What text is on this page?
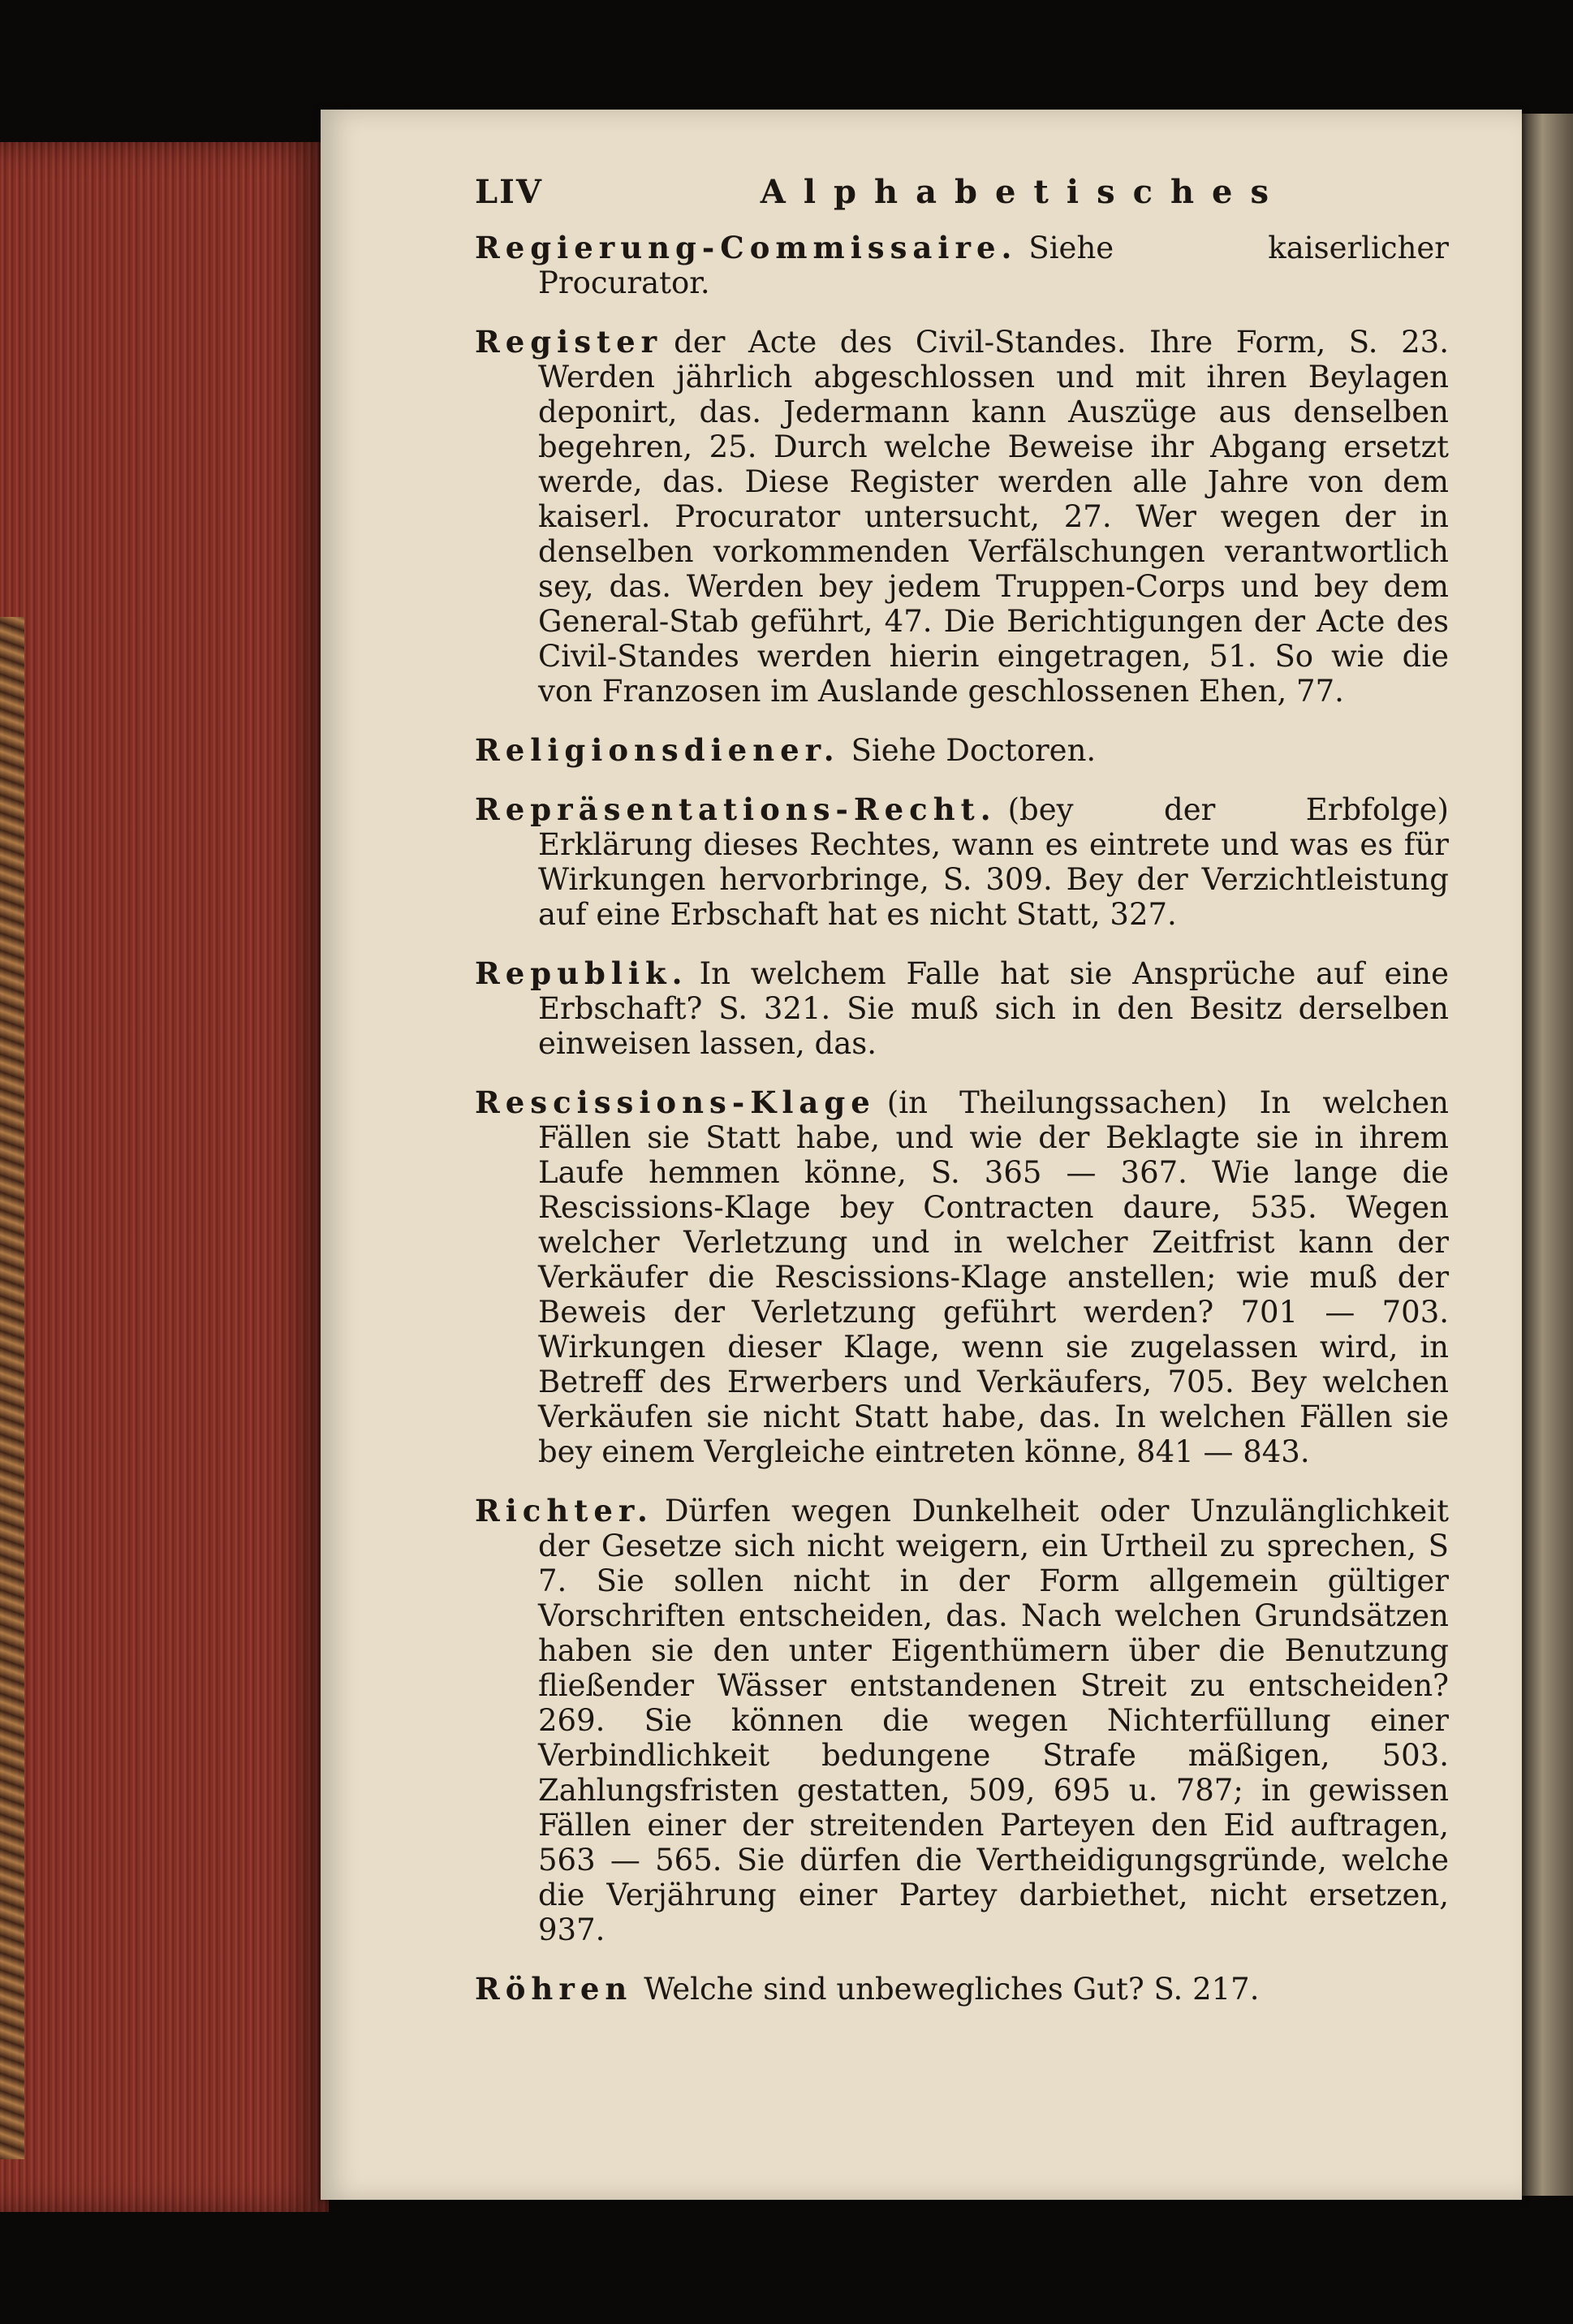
LIV	Alphabetisches

Regierung-Commissaire. Siehe kaiserlicher Procurator.

Register der Acte des Civil-Standes. Ihre Form, S. 23. Werden jährlich abgeschlossen und mit ihren Beylagen deponirt, das. Jedermann kann Auszüge aus denselben begehren, 25. Durch welche Beweise ihr Abgang ersetzt werde, das. Diese Register werden alle Jahre von dem kaiserl. Procurator untersucht, 27. Wer wegen der in denselben vorkommenden Verfälschungen verantwortlich sey, das. Werden bey jedem Truppen-Corps und bey dem General-Stab geführt, 47. Die Berichtigungen der Acte des Civil-Standes werden hierin eingetragen, 51. So wie die von Franzosen im Auslande geschlossenen Ehen, 77.

Religionsdiener. Siehe Doctoren.

Repräsentations-Recht. (bey der Erbfolge) Erklärung dieses Rechtes, wann es eintrete und was es für Wirkungen hervorbringe, S. 309. Bey der Verzichtleistung auf eine Erbschaft hat es nicht Statt, 327.

Republik. In welchem Falle hat sie Ansprüche auf eine Erbschaft? S. 321. Sie muß sich in den Besitz derselben einweisen lassen, das.

Rescissions-Klage (in Theilungssachen) In welchen Fällen sie Statt habe, und wie der Beklagte sie in ihrem Laufe hemmen könne, S. 365 — 367. Wie lange die Rescissions-Klage bey Contracten daure, 535. Wegen welcher Verletzung und in welcher Zeitfrist kann der Verkäufer die Rescissions-Klage anstellen; wie muß der Beweis der Verletzung geführt werden? 701 — 703. Wirkungen dieser Klage, wenn sie zugelassen wird, in Betreff des Erwerbers und Verkäufers, 705. Bey welchen Verkäufen sie nicht Statt habe, das. In welchen Fällen sie bey einem Vergleiche eintreten könne, 841 — 843.

Richter. Dürfen wegen Dunkelheit oder Unzulänglichkeit der Gesetze sich nicht weigern, ein Urtheil zu sprechen, S 7. Sie sollen nicht in der Form allgemein gültiger Vorschriften entscheiden, das. Nach welchen Grundsätzen haben sie den unter Eigenthümern über die Benutzung fließender Wässer entstandenen Streit zu entscheiden? 269. Sie können die wegen Nichterfüllung einer Verbindlichkeit bedungene Strafe mäßigen, 503. Zahlungsfristen gestatten, 509, 695 u. 787; in gewissen Fällen einer der streitenden Parteyen den Eid auftragen, 563 — 565. Sie dürfen die Vertheidigungsgründe, welche die Verjährung einer Partey darbiethet, nicht ersetzen, 937.

Röhren Welche sind unbewegliches Gut? S. 217.
